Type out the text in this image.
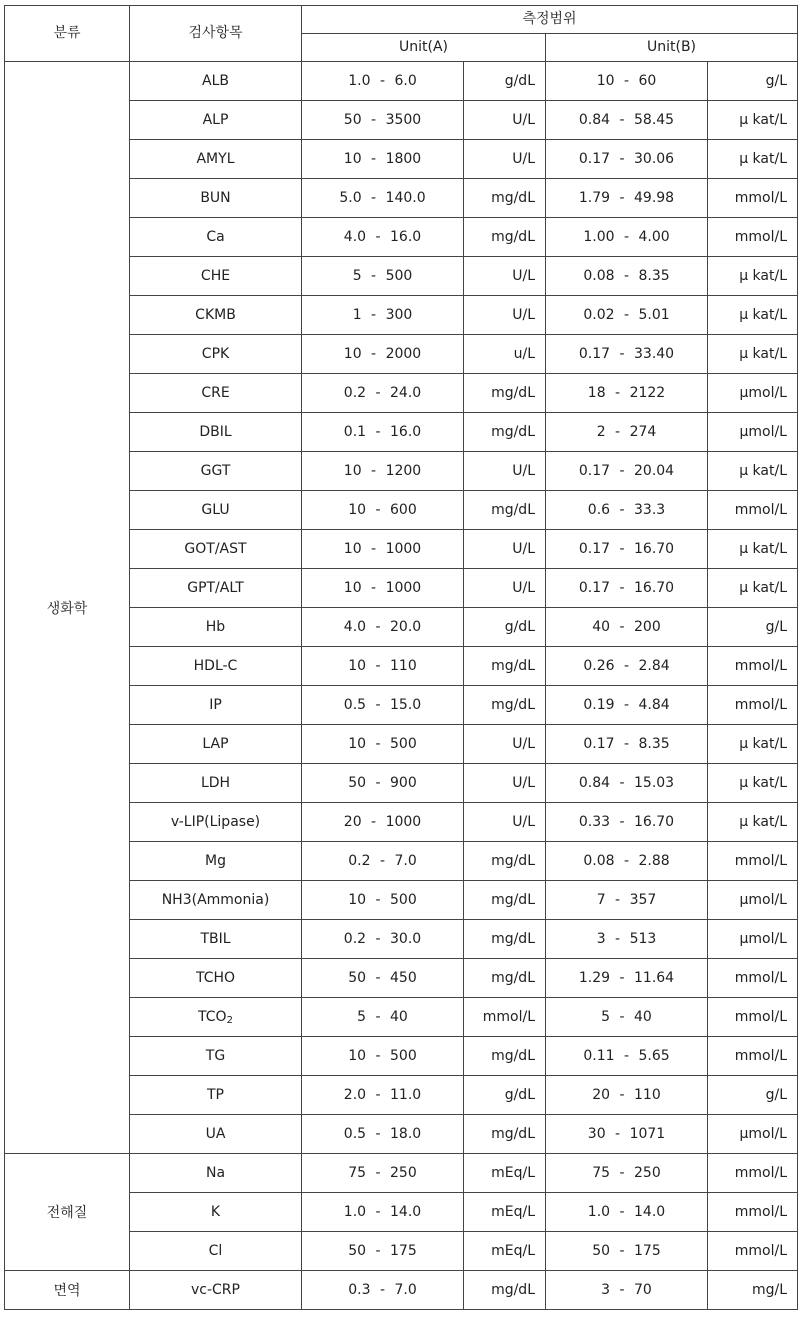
분류	검사항목	측정범위			
		Unit(A)		Unit(B)	
생화학	ALB	1.0 - 6.0	g/dL	10 - 60	g/L
	ALP	50 - 3500	U/L	0.84 - 58.45	μ kat/L
	AMYL	10 - 1800	U/L	0.17 - 30.06	μ kat/L
	BUN	5.0 - 140.0	mg/dL	1.79 - 49.98	mmol/L
	Ca	4.0 - 16.0	mg/dL	1.00 - 4.00	mmol/L
	CHE	5 - 500	U/L	0.08 - 8.35	μ kat/L
	CKMB	1 - 300	U/L	0.02 - 5.01	μ kat/L
	CPK	10 - 2000	u/L	0.17 - 33.40	μ kat/L
	CRE	0.2 - 24.0	mg/dL	18 - 2122	μmol/L
	DBIL	0.1 - 16.0	mg/dL	2 - 274	μmol/L
	GGT	10 - 1200	U/L	0.17 - 20.04	μ kat/L
	GLU	10 - 600	mg/dL	0.6 - 33.3	mmol/L
	GOT/AST	10 - 1000	U/L	0.17 - 16.70	μ kat/L
	GPT/ALT	10 - 1000	U/L	0.17 - 16.70	μ kat/L
	Hb	4.0 - 20.0	g/dL	40 - 200	g/L
	HDL-C	10 - 110	mg/dL	0.26 - 2.84	mmol/L
	IP	0.5 - 15.0	mg/dL	0.19 - 4.84	mmol/L
	LAP	10 - 500	U/L	0.17 - 8.35	μ kat/L
	LDH	50 - 900	U/L	0.84 - 15.03	μ kat/L
	v-LIP(Lipase)	20 - 1000	U/L	0.33 - 16.70	μ kat/L
	Mg	0.2 - 7.0	mg/dL	0.08 - 2.88	mmol/L
	NH3(Ammonia)	10 - 500	mg/dL	7 - 357	μmol/L
	TBIL	0.2 - 30.0	mg/dL	3 - 513	μmol/L
	TCHO	50 - 450	mg/dL	1.29 - 11.64	mmol/L
	$TCO_2$	5 - 40	mmol/L	5 - 40	mmol/L
	TG	10 - 500	mg/dL	0.11 - 5.65	mmol/L
	TP	2.0 - 11.0	g/dL	20 - 110	g/L
	UA	0.5 - 18.0	mg/dL	30 - 1071	μmol/L
전해질	Na	75 - 250	mEq/L	75 - 250	mmol/L
	K	1.0 - 14.0	mEq/L	1.0 - 14.0	mmol/L
	Cl	50 - 175	mEq/L	50 - 175	mmol/L
면역	vc-CRP	0.3 - 7.0	mg/dL	3 - 70	mg/L
